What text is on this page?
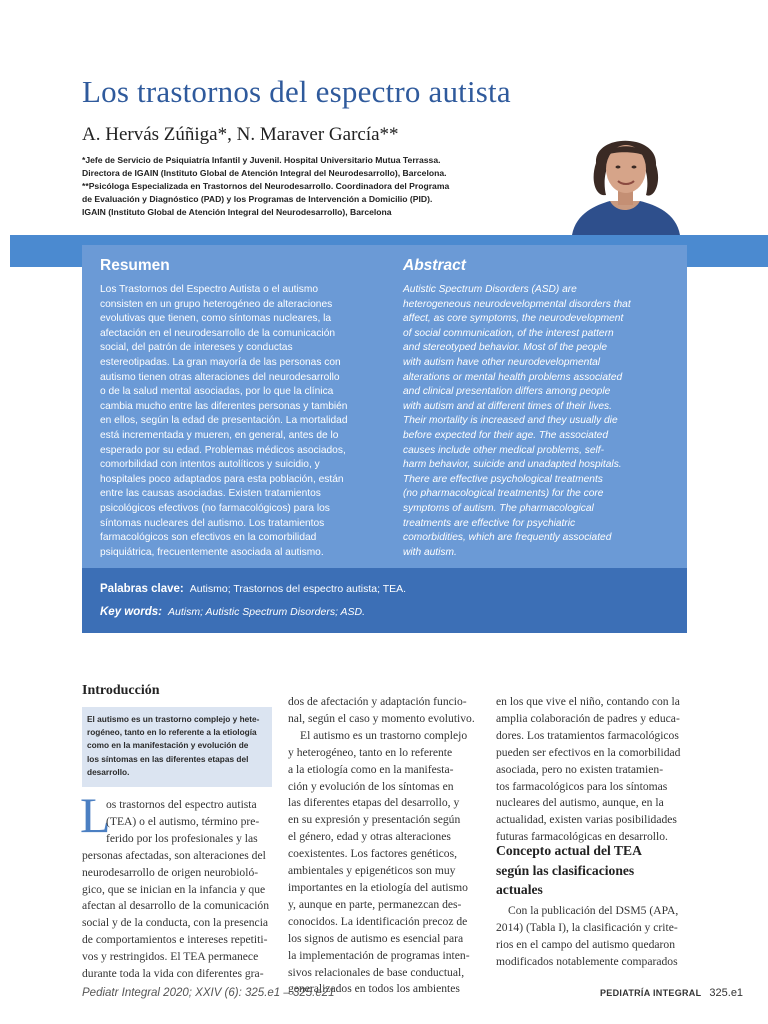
Los trastornos del espectro autista
A. Hervás Zúñiga*, N. Maraver García**
*Jefe de Servicio de Psiquiatría Infantil y Juvenil. Hospital Universitario Mutua Terrassa.
Directora de IGAIN (Instituto Global de Atención Integral del Neurodesarrollo), Barcelona.
**Psicóloga Especializada en Trastornos del Neurodesarrollo. Coordinadora del Programa
de Evaluación y Diagnóstico (PAD) y los Programas de Intervención a Domicilio (PID).
IGAIN (Instituto Global de Atención Integral del Neurodesarrollo), Barcelona
Resumen	Abstract
Los Trastornos del Espectro Autista o el autismo
consisten en un grupo heterogéneo de alteraciones
evolutivas que tienen, como síntomas nucleares, la
afectación en el neurodesarrollo de la comunicación
social, del patrón de intereses y conductas
estereotipadas. La gran mayoría de las personas con
autismo tienen otras alteraciones del neurodesarrollo
o de la salud mental asociadas, por lo que la clínica
cambia mucho entre las diferentes personas y también
en ellos, según la edad de presentación. La mortalidad
está incrementada y mueren, en general, antes de lo
esperado por su edad. Problemas médicos asociados,
comorbilidad con intentos autolíticos y suicidio, y
hospitales poco adaptados para esta población, están
entre las causas asociadas. Existen tratamientos
psicológicos efectivos (no farmacológicos) para los
síntomas nucleares del autismo. Los tratamientos
farmacológicos son efectivos en la comorbilidad
psiquiátrica, frecuentemente asociada al autismo.
Autistic Spectrum Disorders (ASD) are
heterogeneous neurodevelopmental disorders that
affect, as core symptoms, the neurodevelopment
of social communication, of the interest pattern
and stereotyped behavior. Most of the people
with autism have other neurodevelopmental
alterations or mental health problems associated
and clinical presentation differs among people
with autism and at different times of their lives.
Their mortality is increased and they usually die
before expected for their age. The associated
causes include other medical problems, self-
harm behavior, suicide and unadapted hospitals.
There are effective psychological treatments
(no pharmacological treatments) for the core
symptoms of autism. The pharmacological
treatments are effective for psychiatric
comorbidities, which are frequently associated
with autism.
Palabras clave: Autismo; Trastornos del espectro autista; TEA.
Key words: Autism; Autistic Spectrum Disorders; ASD.
Introducción
El autismo es un trastorno complejo y hete-
rogéneo, tanto en lo referente a la etiología
como en la manifestación y evolución de
los síntomas en las diferentes etapas del
desarrollo.
L
os trastornos del espectro autista
(TEA) o el autismo, término pre-
ferido por los profesionales y las
personas afectadas, son alteraciones del
neurodesarrollo de origen neurobioló-
gico, que se inician en la infancia y que
afectan al desarrollo de la comunicación
social y de la conducta, con la presencia
de comportamientos e intereses repetiti-
vos y restringidos. El TEA permanece
durante toda la vida con diferentes gra-
dos de afectación y adaptación funcio-
nal, según el caso y momento evolutivo.
El autismo es un trastorno complejo
y heterogéneo, tanto en lo referente
a la etiología como en la manifesta-
ción y evolución de los síntomas en
las diferentes etapas del desarrollo, y
en su expresión y presentación según
el género, edad y otras alteraciones
coexistentes. Los factores genéticos,
ambientales y epigenéticos son muy
importantes en la etiología del autismo
y, aunque en parte, permanezcan des-
conocidos. La identificación precoz de
los signos de autismo es esencial para
la implementación de programas inten-
sivos relacionales de base conductual,
generalizados en todos los ambientes
en los que vive el niño, contando con la
amplia colaboración de padres y educa-
dores. Los tratamientos farmacológicos
pueden ser efectivos en la comorbilidad
asociada, pero no existen tratamien-
tos farmacológicos para los síntomas
nucleares del autismo, aunque, en la
actualidad, existen varias posibilidades
futuras farmacológicas en desarrollo.
Concepto actual del TEA
según las clasificaciones
actuales
Con la publicación del DSM5 (APA,
2014) (Tabla I), la clasificación y crite-
rios en el campo del autismo quedaron
modificados notablemente comparados
Pediatr Integral 2020; XXIV (6): 325.e1 – 325.e21	PEDIATRÍA INTEGRAL 325.e1
